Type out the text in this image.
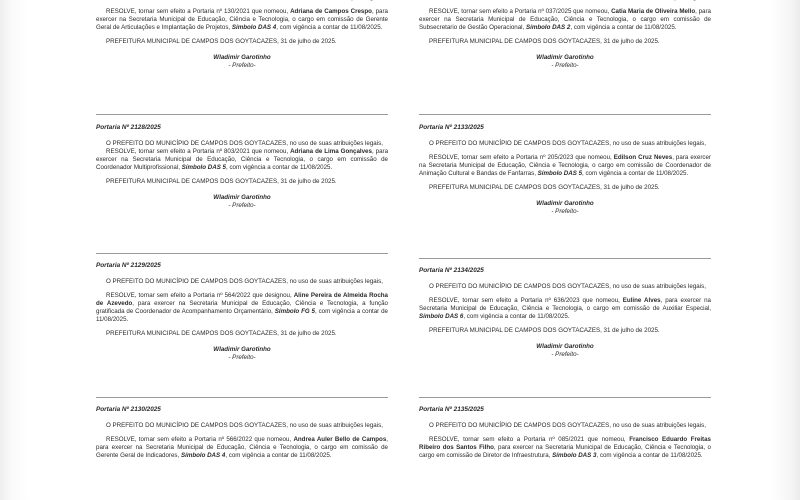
RESOLVE, tornar sem efeito a Portaria nº 130/2021 que nomeou, Adriana de Campos Crespo, para exercer na Secretaria Municipal de Educação, Ciência e Tecnologia, o cargo em comissão de Gerente Geral de Articulações e Implantação de Projetos, Símbolo DAS 4, com vigência a contar de 11/08/2025.

PREFEITURA MUNICIPAL DE CAMPOS DOS GOYTACAZES, 31 de julho de 2025.

Wladimir Garotinho
- Prefeito-
Portaria Nº 2128/2025

O PREFEITO DO MUNICÍPIO DE CAMPOS DOS GOYTACAZES, no uso de suas atribuições legais,

RESOLVE, tornar sem efeito a Portaria nº 803/2021 que nomeou, Adriana de Lima Gonçalves, para exercer na Secretaria Municipal de Educação, Ciência e Tecnologia, o cargo em comissão de Coordenador Multiprofissional, Símbolo DAS 5, com vigência a contar de 11/08/2025.

PREFEITURA MUNICIPAL DE CAMPOS DOS GOYTACAZES, 31 de julho de 2025.

Wladimir Garotinho
- Prefeito-
Portaria Nº 2129/2025

O PREFEITO DO MUNICÍPIO DE CAMPOS DOS GOYTACAZES, no uso de suas atribuições legais,

RESOLVE, tornar sem efeito a Portaria nº 564/2022 que designou, Aline Pereira de Almeida Rocha de Azevedo, para exercer na Secretaria Municipal de Educação, Ciência e Tecnologia, a função gratificada de Coordenador de Acompanhamento Orçamentário, Símbolo FG 5, com vigência a contar de 11/08/2025.

PREFEITURA MUNICIPAL DE CAMPOS DOS GOYTACAZES, 31 de julho de 2025.

Wladimir Garotinho
- Prefeito-
Portaria Nº 2130/2025

O PREFEITO DO MUNICÍPIO DE CAMPOS DOS GOYTACAZES, no uso de suas atribuições legais,

RESOLVE, tornar sem efeito a Portaria nº 566/2022 que nomeou, Andrea Auler Bello de Campos, para exercer na Secretaria Municipal de Educação, Ciência e Tecnologia, o cargo em comissão de Gerente Geral de Indicadores, Símbolo DAS 4, com vigência a contar de 11/08/2025.

RESOLVE, tornar sem efeito a Portaria nº 037/2025 que nomeou, Catia Maria de Oliveira Mello, para exercer na Secretaria Municipal de Educação, Ciência e Tecnologia, o cargo em comissão de Subsecretario de Gestão Operacional, Símbolo DAS 2, com vigência a contar de 11/08/2025.

PREFEITURA MUNICIPAL DE CAMPOS DOS GOYTACAZES, 31 de julho de 2025.

Wladimir Garotinho
- Prefeito-
Portaria Nº 2133/2025

O PREFEITO DO MUNICÍPIO DE CAMPOS DOS GOYTACAZES, no uso de suas atribuições legais,

RESOLVE, tornar sem efeito a Portaria nº 205/2023 que nomeou, Edilson Cruz Neves, para exercer na Secretaria Municipal de Educação, Ciência e Tecnologia, o cargo em comissão de Coordenador de Animação Cultural e Bandas de Fanfarras, Símbolo DAS 5, com vigência a contar de 11/08/2025.

PREFEITURA MUNICIPAL DE CAMPOS DOS GOYTACAZES, 31 de julho de 2025.

Wladimir Garotinho
- Prefeito-
Portaria Nº 2134/2025

O PREFEITO DO MUNICÍPIO DE CAMPOS DOS GOYTACAZES, no uso de suas atribuições legais,

RESOLVE, tornar sem efeito a Portaria nº 636/2023 que nomeou, Euline Alves, para exercer na Secretaria Municipal de Educação, Ciência e Tecnologia, o cargo em comissão de Auxiliar Especial, Símbolo DAS 6, com vigência a contar de 11/08/2025.

PREFEITURA MUNICIPAL DE CAMPOS DOS GOYTACAZES, 31 de julho de 2025.

Wladimir Garotinho
- Prefeito-
Portaria Nº 2135/2025

O PREFEITO DO MUNICÍPIO DE CAMPOS DOS GOYTACAZES, no uso de suas atribuições legais,

RESOLVE, tornar sem efeito a Portaria nº 085/2021 que nomeou, Francisco Eduardo Freitas Ribeiro dos Santos Filho, para exercer na Secretaria Municipal de Educação, Ciência e Tecnologia, o cargo em comissão de Diretor de Infraestrutura, Símbolo DAS 3, com vigência a contar de 11/08/2025.
